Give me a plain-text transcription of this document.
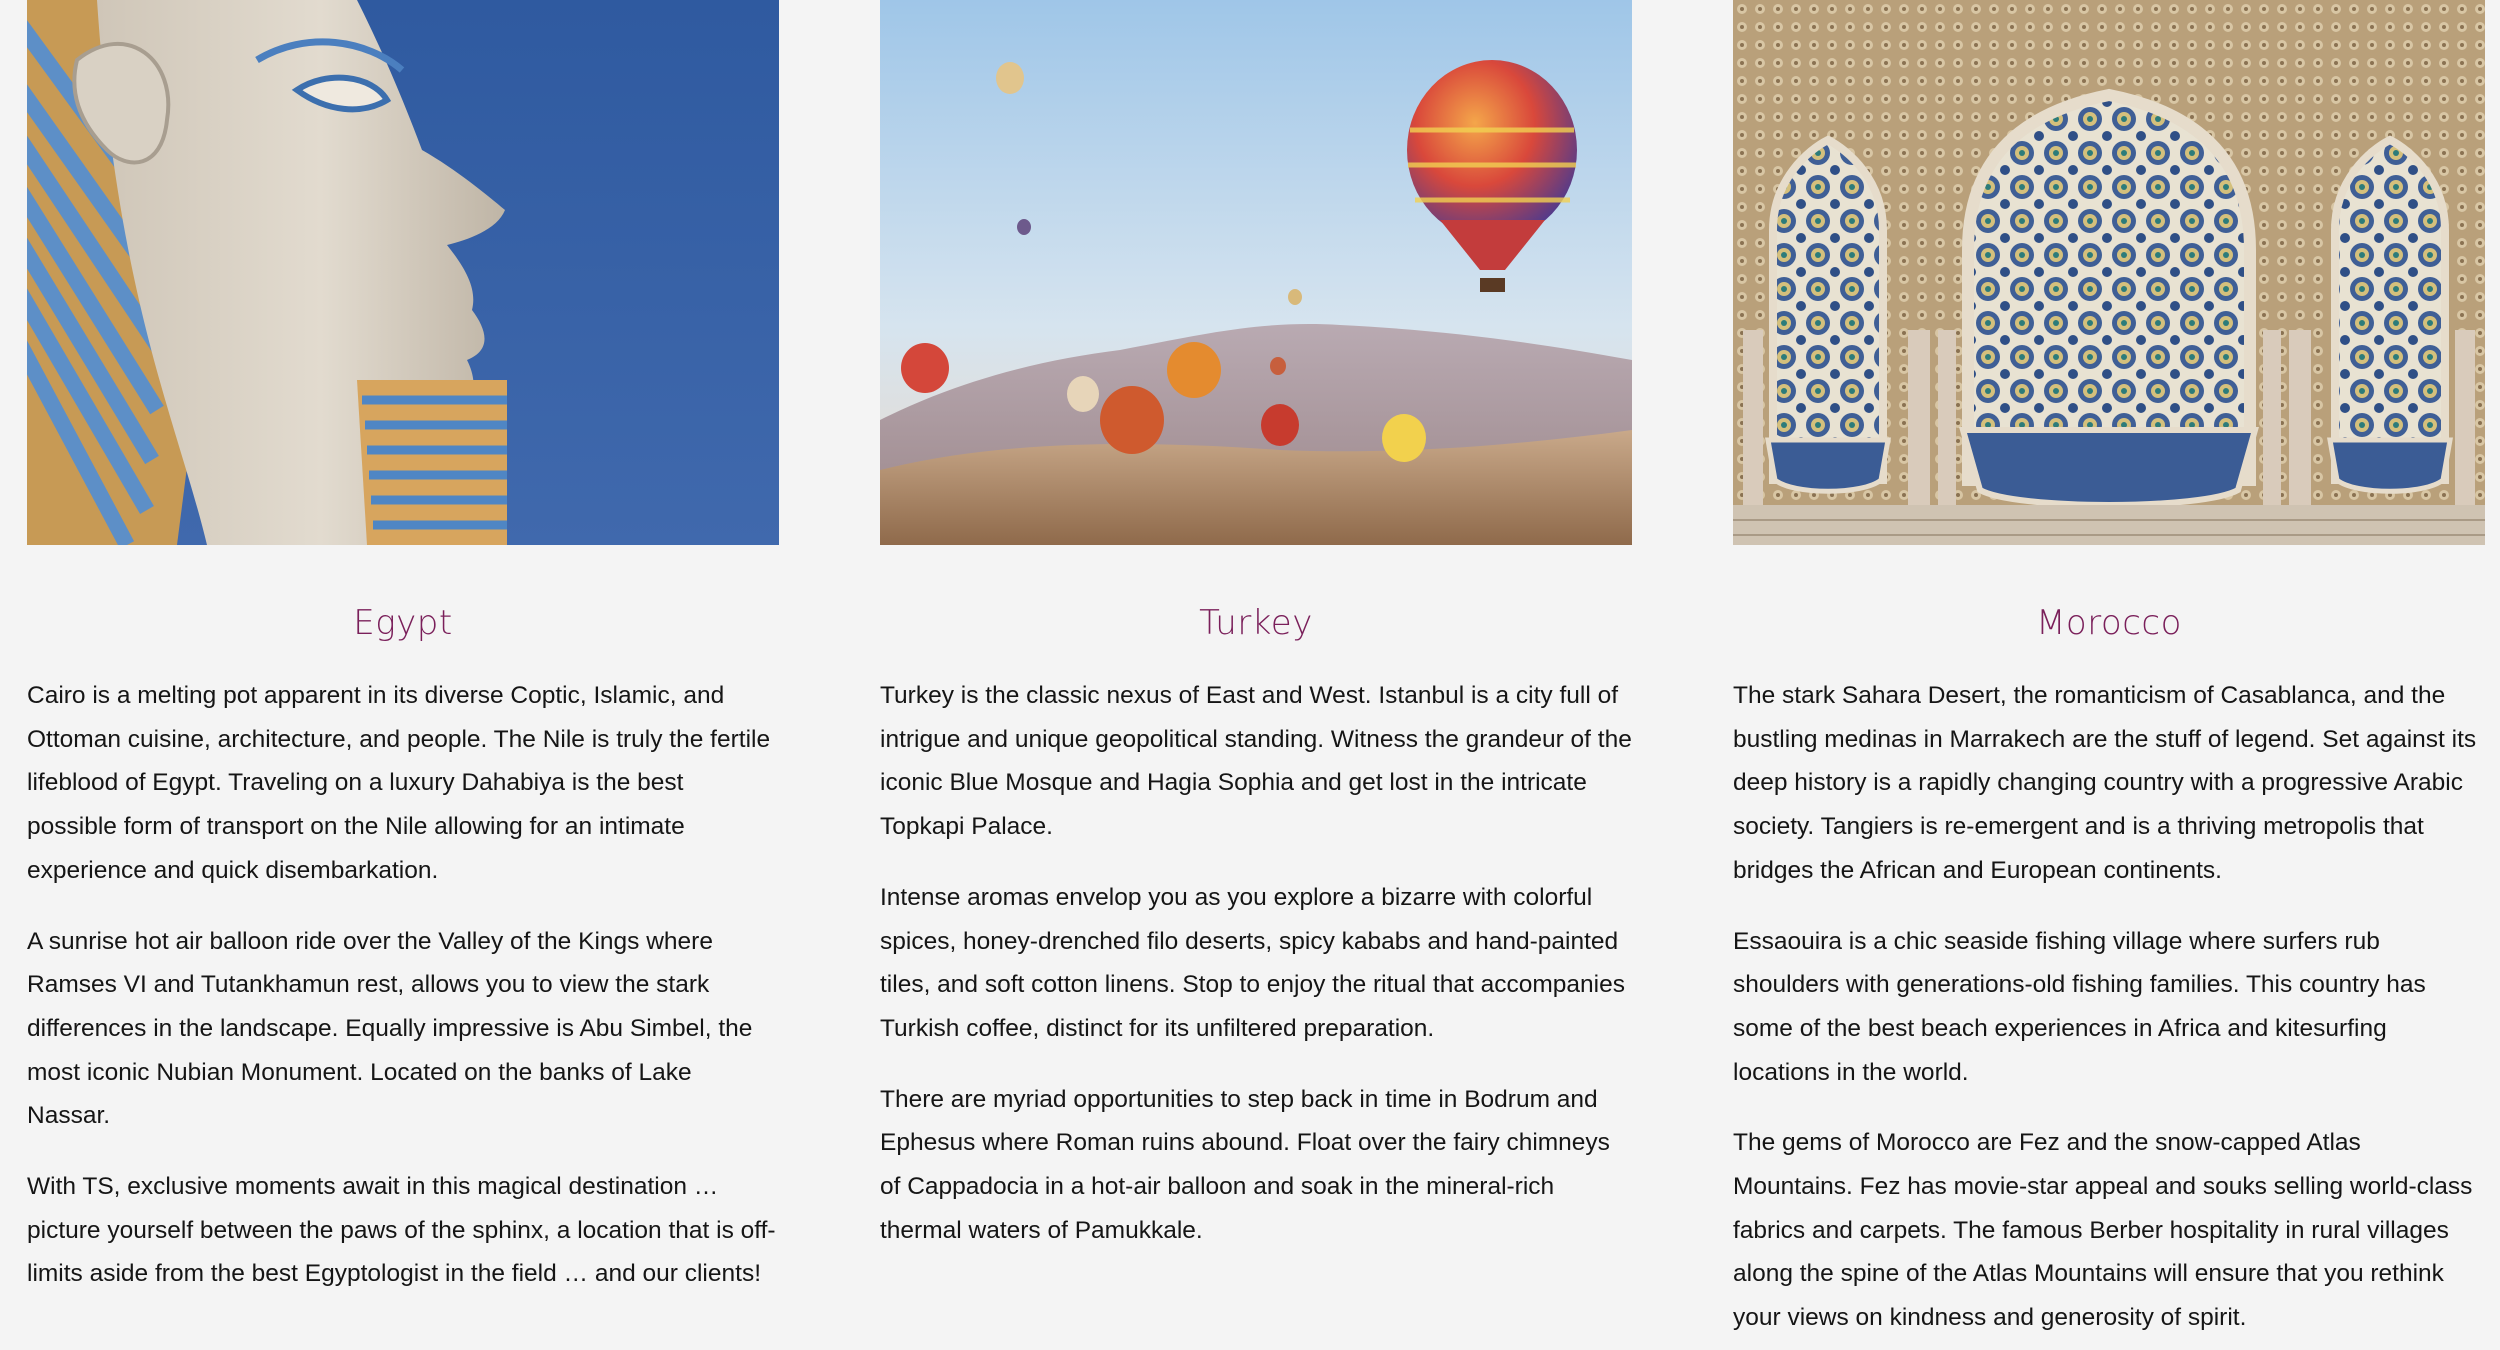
Egypt

Cairo is a melting pot apparent in its diverse Coptic, Islamic, and Ottoman cuisine, architecture, and people. The Nile is truly the fertile lifeblood of Egypt. Traveling on a luxury Dahabiya is the best possible form of transport on the Nile allowing for an intimate experience and quick disembarkation.

A sunrise hot air balloon ride over the Valley of the Kings where Ramses VI and Tutankhamun rest, allows you to view the stark differences in the landscape. Equally impressive is Abu Simbel, the most iconic Nubian Monument. Located on the banks of Lake Nassar.

With TS, exclusive moments await in this magical destination … picture yourself between the paws of the sphinx, a location that is off-limits aside from the best Egyptologist in the field … and our clients!

Turkey

Turkey is the classic nexus of East and West. Istanbul is a city full of intrigue and unique geopolitical standing. Witness the grandeur of the iconic Blue Mosque and Hagia Sophia and get lost in the intricate Topkapi Palace.

Intense aromas envelop you as you explore a bizarre with colorful spices, honey-drenched filo deserts, spicy kababs and hand-painted tiles, and soft cotton linens. Stop to enjoy the ritual that accompanies Turkish coffee, distinct for its unfiltered preparation.

There are myriad opportunities to step back in time in Bodrum and Ephesus where Roman ruins abound. Float over the fairy chimneys of Cappadocia in a hot-air balloon and soak in the mineral-rich thermal waters of Pamukkale.

Morocco

The stark Sahara Desert, the romanticism of Casablanca, and the bustling medinas in Marrakech are the stuff of legend. Set against its deep history is a rapidly changing country with a progressive Arabic society. Tangiers is re-emergent and is a thriving metropolis that bridges the African and European continents.

Essaouira is a chic seaside fishing village where surfers rub shoulders with generations-old fishing families. This country has some of the best beach experiences in Africa and kitesurfing locations in the world.

The gems of Morocco are Fez and the snow-capped Atlas Mountains. Fez has movie-star appeal and souks selling world-class fabrics and carpets. The famous Berber hospitality in rural villages along the spine of the Atlas Mountains will ensure that you rethink your views on kindness and generosity of spirit.
